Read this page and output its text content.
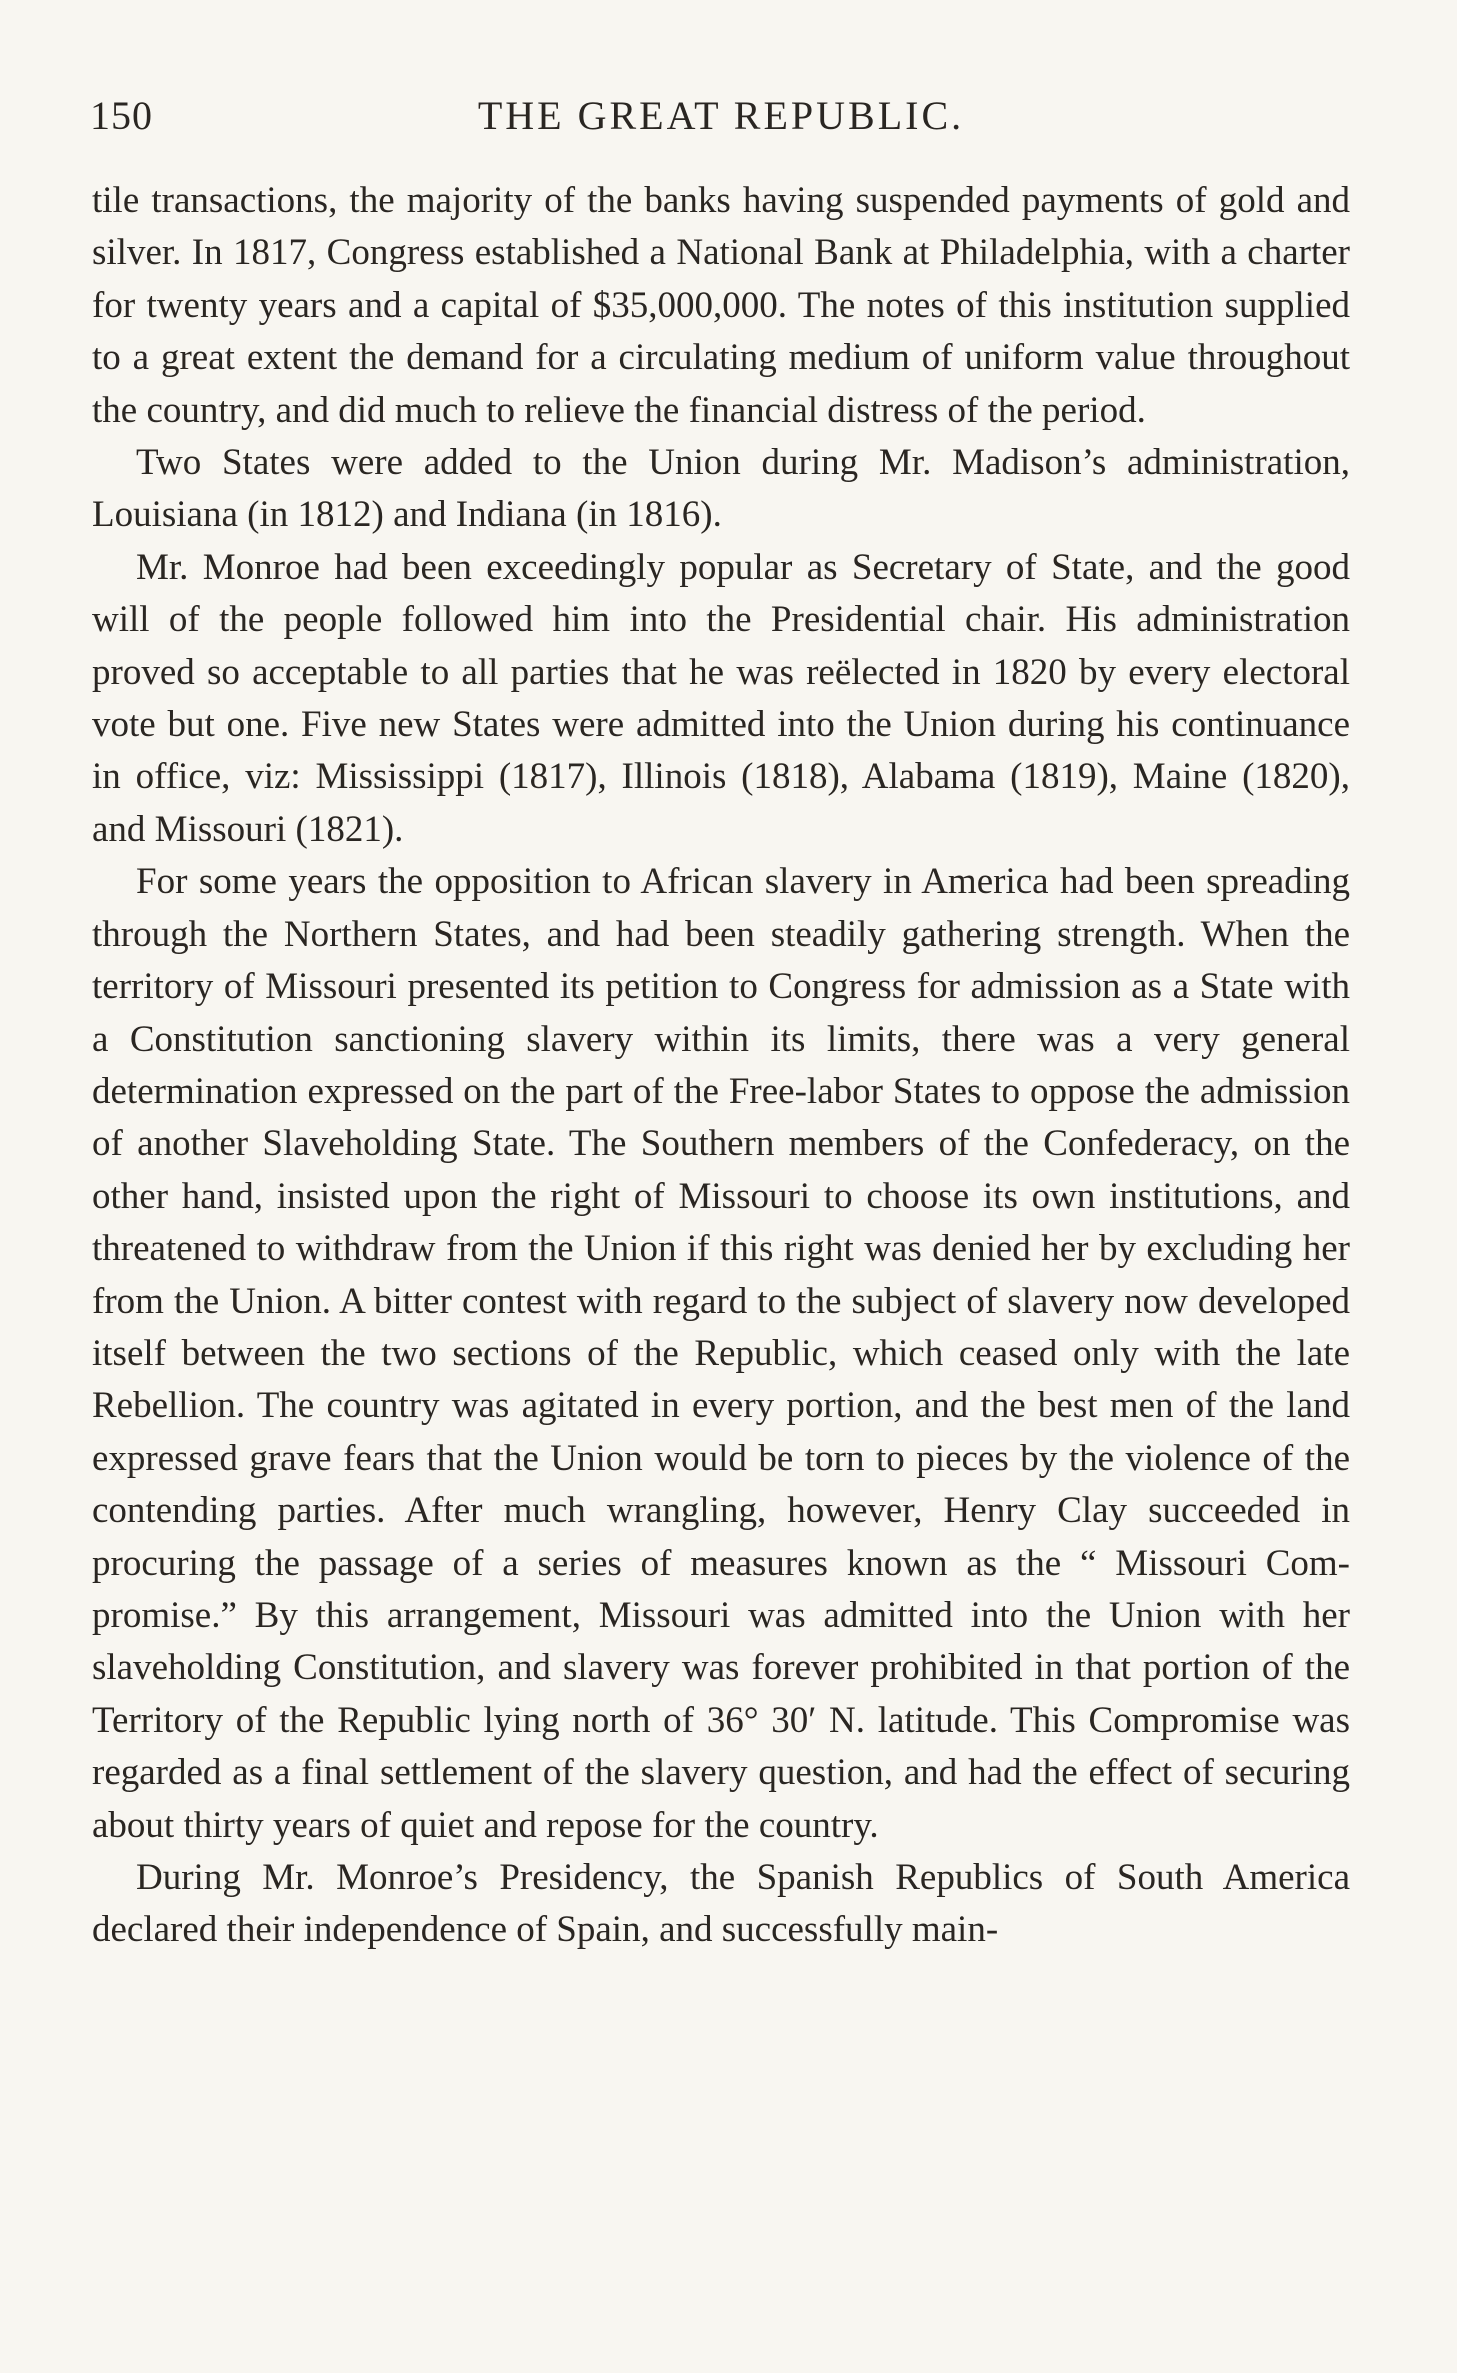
150	THE GREAT REPUBLIC.

tile transactions, the majority of the banks having suspended payments of gold and silver. In 1817, Congress established a National Bank at Philadelphia, with a charter for twenty years and a capital of $35,000,000. The notes of this institution supplied to a great extent the demand for a circulating medium of uniform value throughout the country, and did much to relieve the financial distress of the period.

Two States were added to the Union during Mr. Madison’s administration, Louisiana (in 1812) and Indiana (in 1816).

Mr. Monroe had been exceedingly popular as Secretary of State, and the good will of the people followed him into the Presidential chair. His administration proved so acceptable to all parties that he was reëlected in 1820 by every electoral vote but one. Five new States were admitted into the Union during his continuance in office, viz: Mississippi (1817), Illinois (1818), Alabama (1819), Maine (1820), and Missouri (1821).

For some years the opposition to African slavery in America had been spreading through the Northern States, and had been steadily gathering strength. When the territory of Missouri presented its petition to Congress for admission as a State with a Constitution sanctioning slavery within its limits, there was a very general determination expressed on the part of the Free-labor States to oppose the admission of another Slaveholding State. The Southern members of the Confederacy, on the other hand, insisted upon the right of Missouri to choose its own institutions, and threatened to withdraw from the Union if this right was denied her by excluding her from the Union. A bitter contest with regard to the subject of slavery now developed itself between the two sections of the Republic, which ceased only with the late Rebellion. The country was agitated in every portion, and the best men of the land expressed grave fears that the Union would be torn to pieces by the violence of the contending parties. After much wrangling, however, Henry Clay succeeded in procuring the passage of a series of measures known as the “ Missouri Compromise.” By this arrangement, Missouri was admitted into the Union with her slaveholding Constitution, and slavery was forever prohibited in that portion of the Territory of the Republic lying north of 36° 30′ N. latitude. This Compromise was regarded as a final settlement of the slavery question, and had the effect of securing about thirty years of quiet and repose for the country.

During Mr. Monroe’s Presidency, the Spanish Republics of South America declared their independence of Spain, and successfully main-
